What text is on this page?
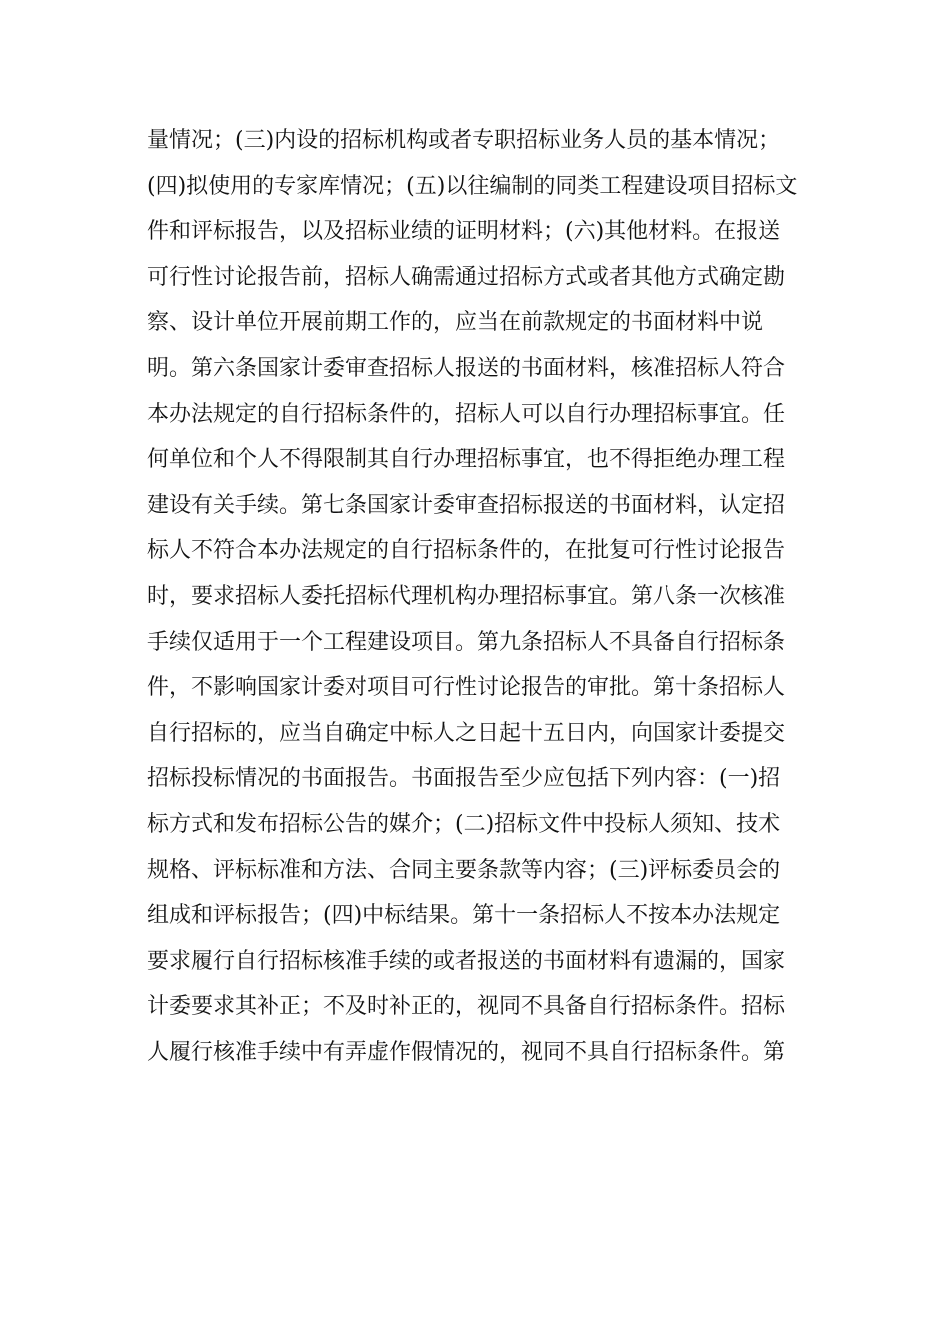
量情况；(三)内设的招标机构或者专职招标业务人员的基本情况；
(四)拟使用的专家库情况；(五)以往编制的同类工程建设项目招标文
件和评标报告，以及招标业绩的证明材料；(六)其他材料。在报送
可行性讨论报告前，招标人确需通过招标方式或者其他方式确定勘
察、设计单位开展前期工作的，应当在前款规定的书面材料中说
明。第六条国家计委审查招标人报送的书面材料，核准招标人符合
本办法规定的自行招标条件的，招标人可以自行办理招标事宜。任
何单位和个人不得限制其自行办理招标事宜，也不得拒绝办理工程
建设有关手续。第七条国家计委审查招标报送的书面材料，认定招
标人不符合本办法规定的自行招标条件的，在批复可行性讨论报告
时，要求招标人委托招标代理机构办理招标事宜。第八条一次核准
手续仅适用于一个工程建设项目。第九条招标人不具备自行招标条
件，不影响国家计委对项目可行性讨论报告的审批。第十条招标人
自行招标的，应当自确定中标人之日起十五日内，向国家计委提交
招标投标情况的书面报告。书面报告至少应包括下列内容：(一)招
标方式和发布招标公告的媒介；(二)招标文件中投标人须知、技术
规格、评标标准和方法、合同主要条款等内容；(三)评标委员会的
组成和评标报告；(四)中标结果。第十一条招标人不按本办法规定
要求履行自行招标核准手续的或者报送的书面材料有遗漏的，国家
计委要求其补正；不及时补正的，视同不具备自行招标条件。招标
人履行核准手续中有弄虚作假情况的，视同不具自行招标条件。第
